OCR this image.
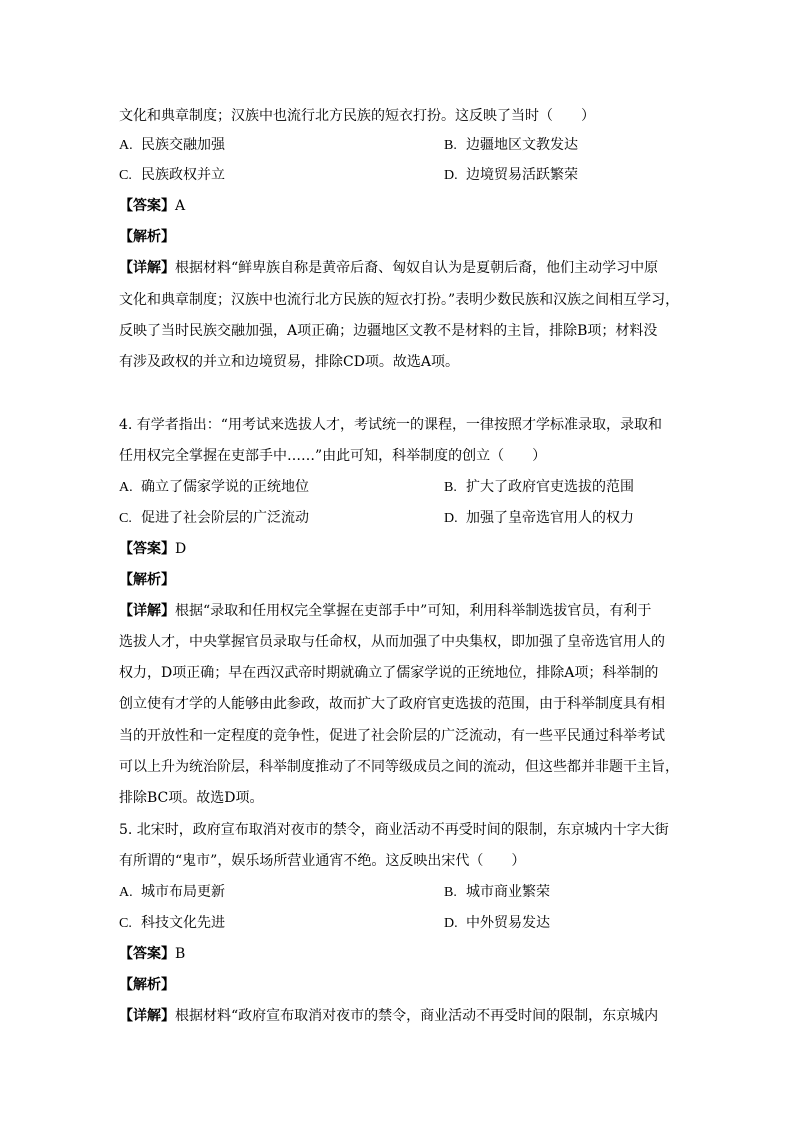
文化和典章制度；汉族中也流行北方民族的短衣打扮。这反映了当时（　　）
A. 民族交融加强	B. 边疆地区文教发达
C. 民族政权并立	D. 边境贸易活跃繁荣
【答案】A
【解析】
【详解】根据材料“鲜卑族自称是黄帝后裔、匈奴自认为是夏朝后裔，他们主动学习中原
文化和典章制度；汉族中也流行北方民族的短衣打扮。”表明少数民族和汉族之间相互学习，
反映了当时民族交融加强，A项正确；边疆地区文教不是材料的主旨，排除B项；材料没
有涉及政权的并立和边境贸易，排除CD项。故选A项。
4. 有学者指出：“用考试来选拔人才，考试统一的课程，一律按照才学标准录取，录取和
任用权完全掌握在吏部手中……”由此可知，科举制度的创立（　　）
A. 确立了儒家学说的正统地位	B. 扩大了政府官吏选拔的范围
C. 促进了社会阶层的广泛流动	D. 加强了皇帝选官用人的权力
【答案】D
【解析】
【详解】根据“录取和任用权完全掌握在吏部手中”可知，利用科举制选拔官员，有利于
选拔人才，中央掌握官员录取与任命权，从而加强了中央集权，即加强了皇帝选官用人的
权力，D项正确；早在西汉武帝时期就确立了儒家学说的正统地位，排除A项；科举制的
创立使有才学的人能够由此参政，故而扩大了政府官吏选拔的范围，由于科举制度具有相
当的开放性和一定程度的竞争性，促进了社会阶层的广泛流动，有一些平民通过科举考试
可以上升为统治阶层，科举制度推动了不同等级成员之间的流动，但这些都并非题干主旨，
排除BC项。故选D项。
5. 北宋时，政府宣布取消对夜市的禁令，商业活动不再受时间的限制，东京城内十字大街
有所谓的“鬼市”，娱乐场所营业通宵不绝。这反映出宋代（　　）
A. 城市布局更新	B. 城市商业繁荣
C. 科技文化先进	D. 中外贸易发达
【答案】B
【解析】
【详解】根据材料“政府宣布取消对夜市的禁令，商业活动不再受时间的限制，东京城内
